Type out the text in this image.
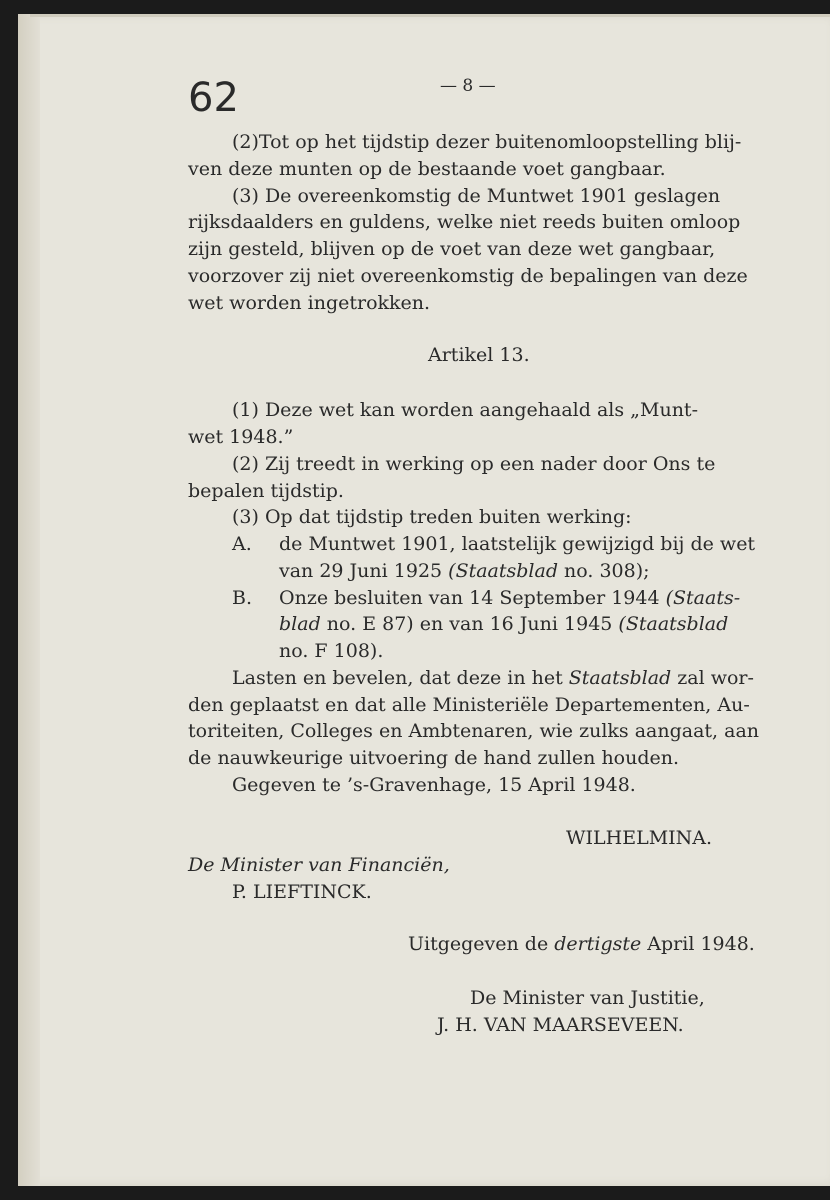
62	— 8 —
(2)Tot op het tijdstip dezer buitenomloopstelling blij-
ven deze munten op de bestaande voet gangbaar.
(3) De overeenkomstig de Muntwet 1901 geslagen
rijksdaalders en guldens, welke niet reeds buiten omloop
zijn gesteld, blijven op de voet van deze wet gangbaar,
voorzover zij niet overeenkomstig de bepalingen van deze
wet worden ingetrokken.
Artikel 13.
(1) Deze wet kan worden aangehaald als „Munt-
wet 1948.”
(2) Zij treedt in werking op een nader door Ons te
bepalen tijdstip.
(3) Op dat tijdstip treden buiten werking:
A. de Muntwet 1901, laatstelijk gewijzigd bij de wet
van 29 Juni 1925 (Staatsblad no. 308);
B. Onze besluiten van 14 September 1944 (Staats-
blad no. E 87) en van 16 Juni 1945 (Staatsblad
no. F 108).
Lasten en bevelen, dat deze in het Staatsblad zal wor-
den geplaatst en dat alle Ministeriële Departementen, Au-
toriteiten, Colleges en Ambtenaren, wie zulks aangaat, aan
de nauwkeurige uitvoering de hand zullen houden.
Gegeven te ’s-Gravenhage, 15 April 1948.
WILHELMINA.
De Minister van Financiën,
P. LIEFTINCK.
Uitgegeven de dertigste April 1948.
De Minister van Justitie,
J. H. VAN MAARSEVEEN.
